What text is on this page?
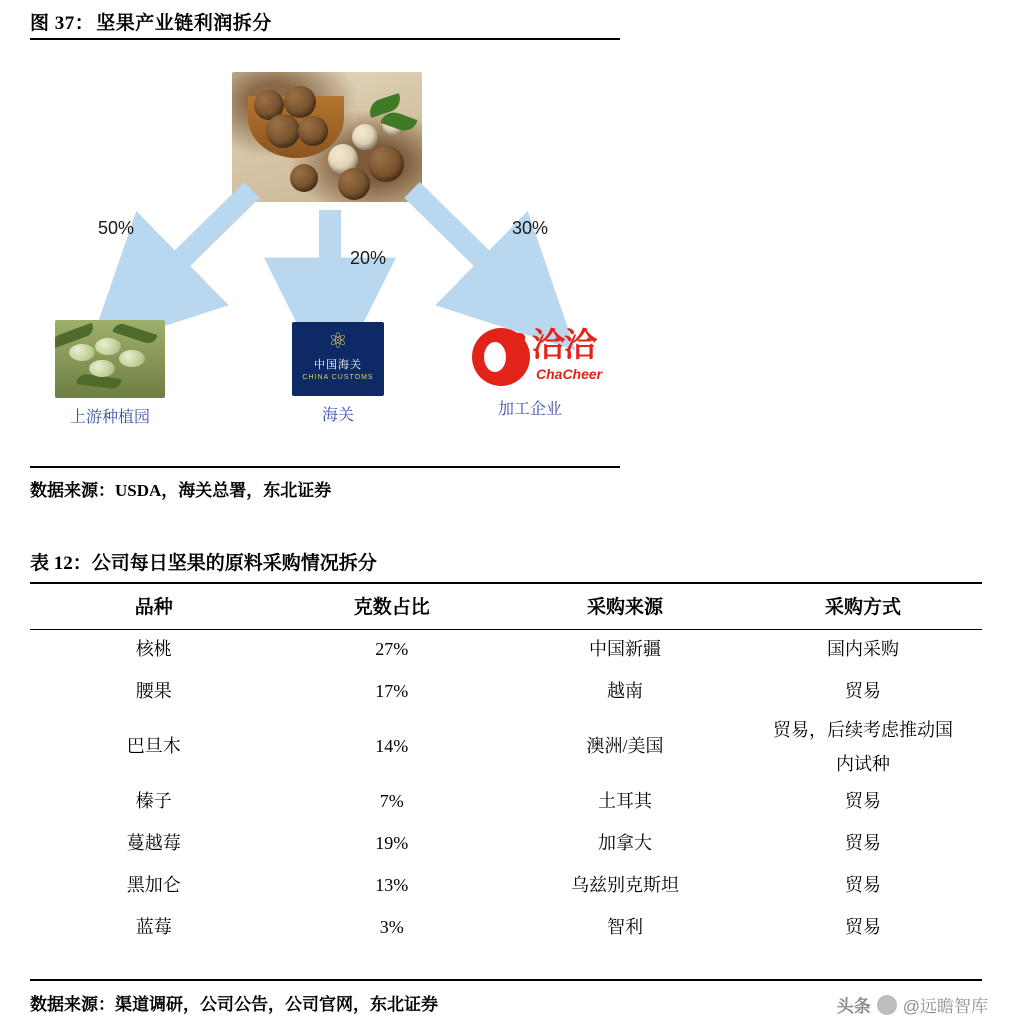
图 37： 坚果产业链利润拆分
50%
20%
30%
上游种植园
⚛
中国海关
CHINA CUSTOMS
海关
洽洽
ChaCheer
加工企业
数据来源：USDA，海关总署，东北证券
表 12：公司每日坚果的原料采购情况拆分
品种	克数占比	采购来源	采购方式
核桃	27%	中国新疆	国内采购
腰果	17%	越南	贸易
巴旦木	14%	澳洲/美国	贸易，后续考虑推动国内试种
榛子	7%	土耳其	贸易
蔓越莓	19%	加拿大	贸易
黑加仑	13%	乌兹别克斯坦	贸易
蓝莓	3%	智利	贸易
数据来源：渠道调研，公司公告，公司官网，东北证券	头条 @远瞻智库
